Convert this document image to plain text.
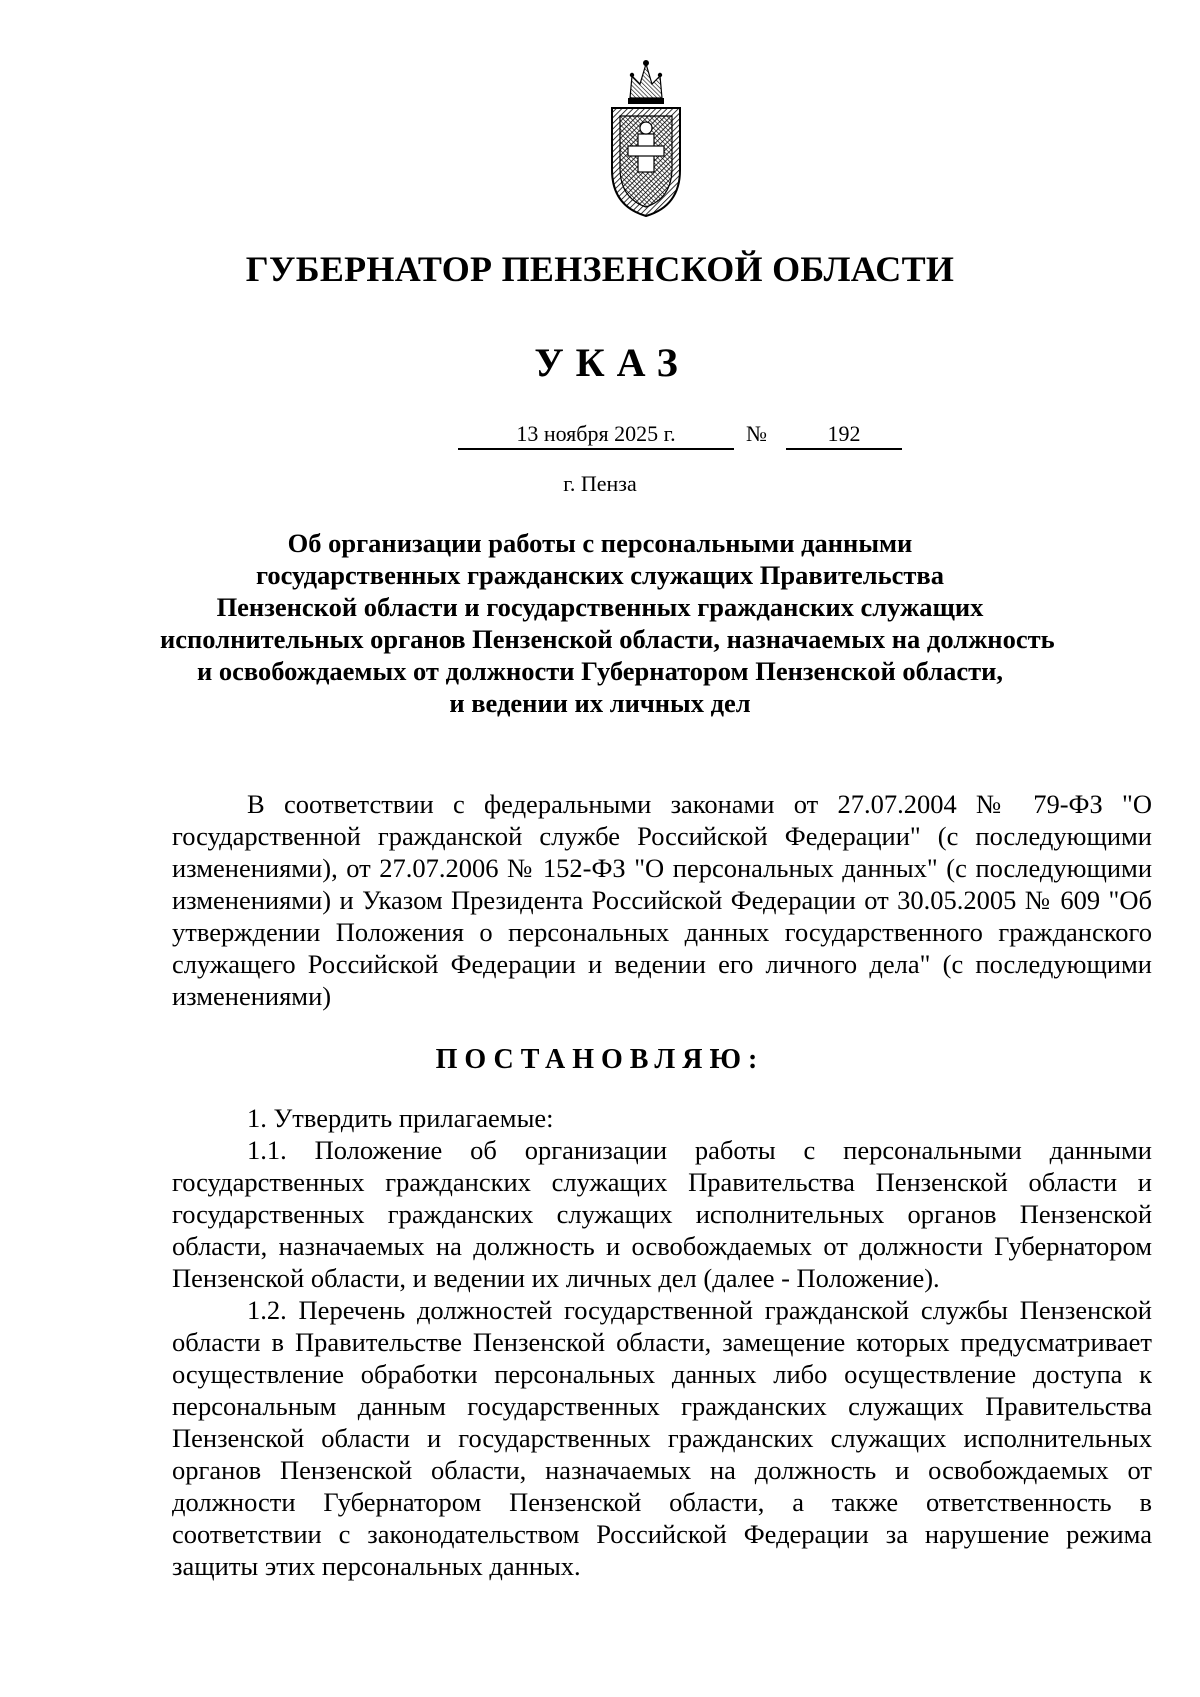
ГУБЕРНАТОР ПЕНЗЕНСКОЙ ОБЛАСТИ
УКАЗ
13 ноября 2025 г.	№	192
г. Пенза
Об организации работы с персональными данными
государственных гражданских служащих Правительства
Пензенской области и государственных гражданских служащих
исполнительных органов Пензенской области, назначаемых на должность
и освобождаемых от должности Губернатором Пензенской области,
и ведении их личных дел

В соответствии с федеральными законами от 27.07.2004 № 79-ФЗ "О государственной гражданской службе Российской Федерации" (с последующими изменениями), от 27.07.2006 № 152-ФЗ "О персональных данных" (с последующими изменениями) и Указом Президента Российской Федерации от 30.05.2005 № 609 "Об утверждении Положения о персональных данных государственного гражданского служащего Российской Федерации и ведении его личного дела" (с последующими изменениями)

ПОСТАНОВЛЯЮ:

1. Утвердить прилагаемые:

1.1. Положение об организации работы с персональными данными государственных гражданских служащих Правительства Пензенской области и государственных гражданских служащих исполнительных органов Пензенской области, назначаемых на должность и освобождаемых от должности Губернатором Пензенской области, и ведении их личных дел (далее - Положение).

1.2. Перечень должностей государственной гражданской службы Пензенской области в Правительстве Пензенской области, замещение которых предусматривает осуществление обработки персональных данных либо осуществление доступа к персональным данным государственных гражданских служащих Правительства Пензенской области и государственных гражданских служащих исполнительных органов Пензенской области, назначаемых на должность и освобождаемых от должности Губернатором Пензенской области, а также ответственность в соответствии с законодательством Российской Федерации за нарушение режима защиты этих персональных данных.
